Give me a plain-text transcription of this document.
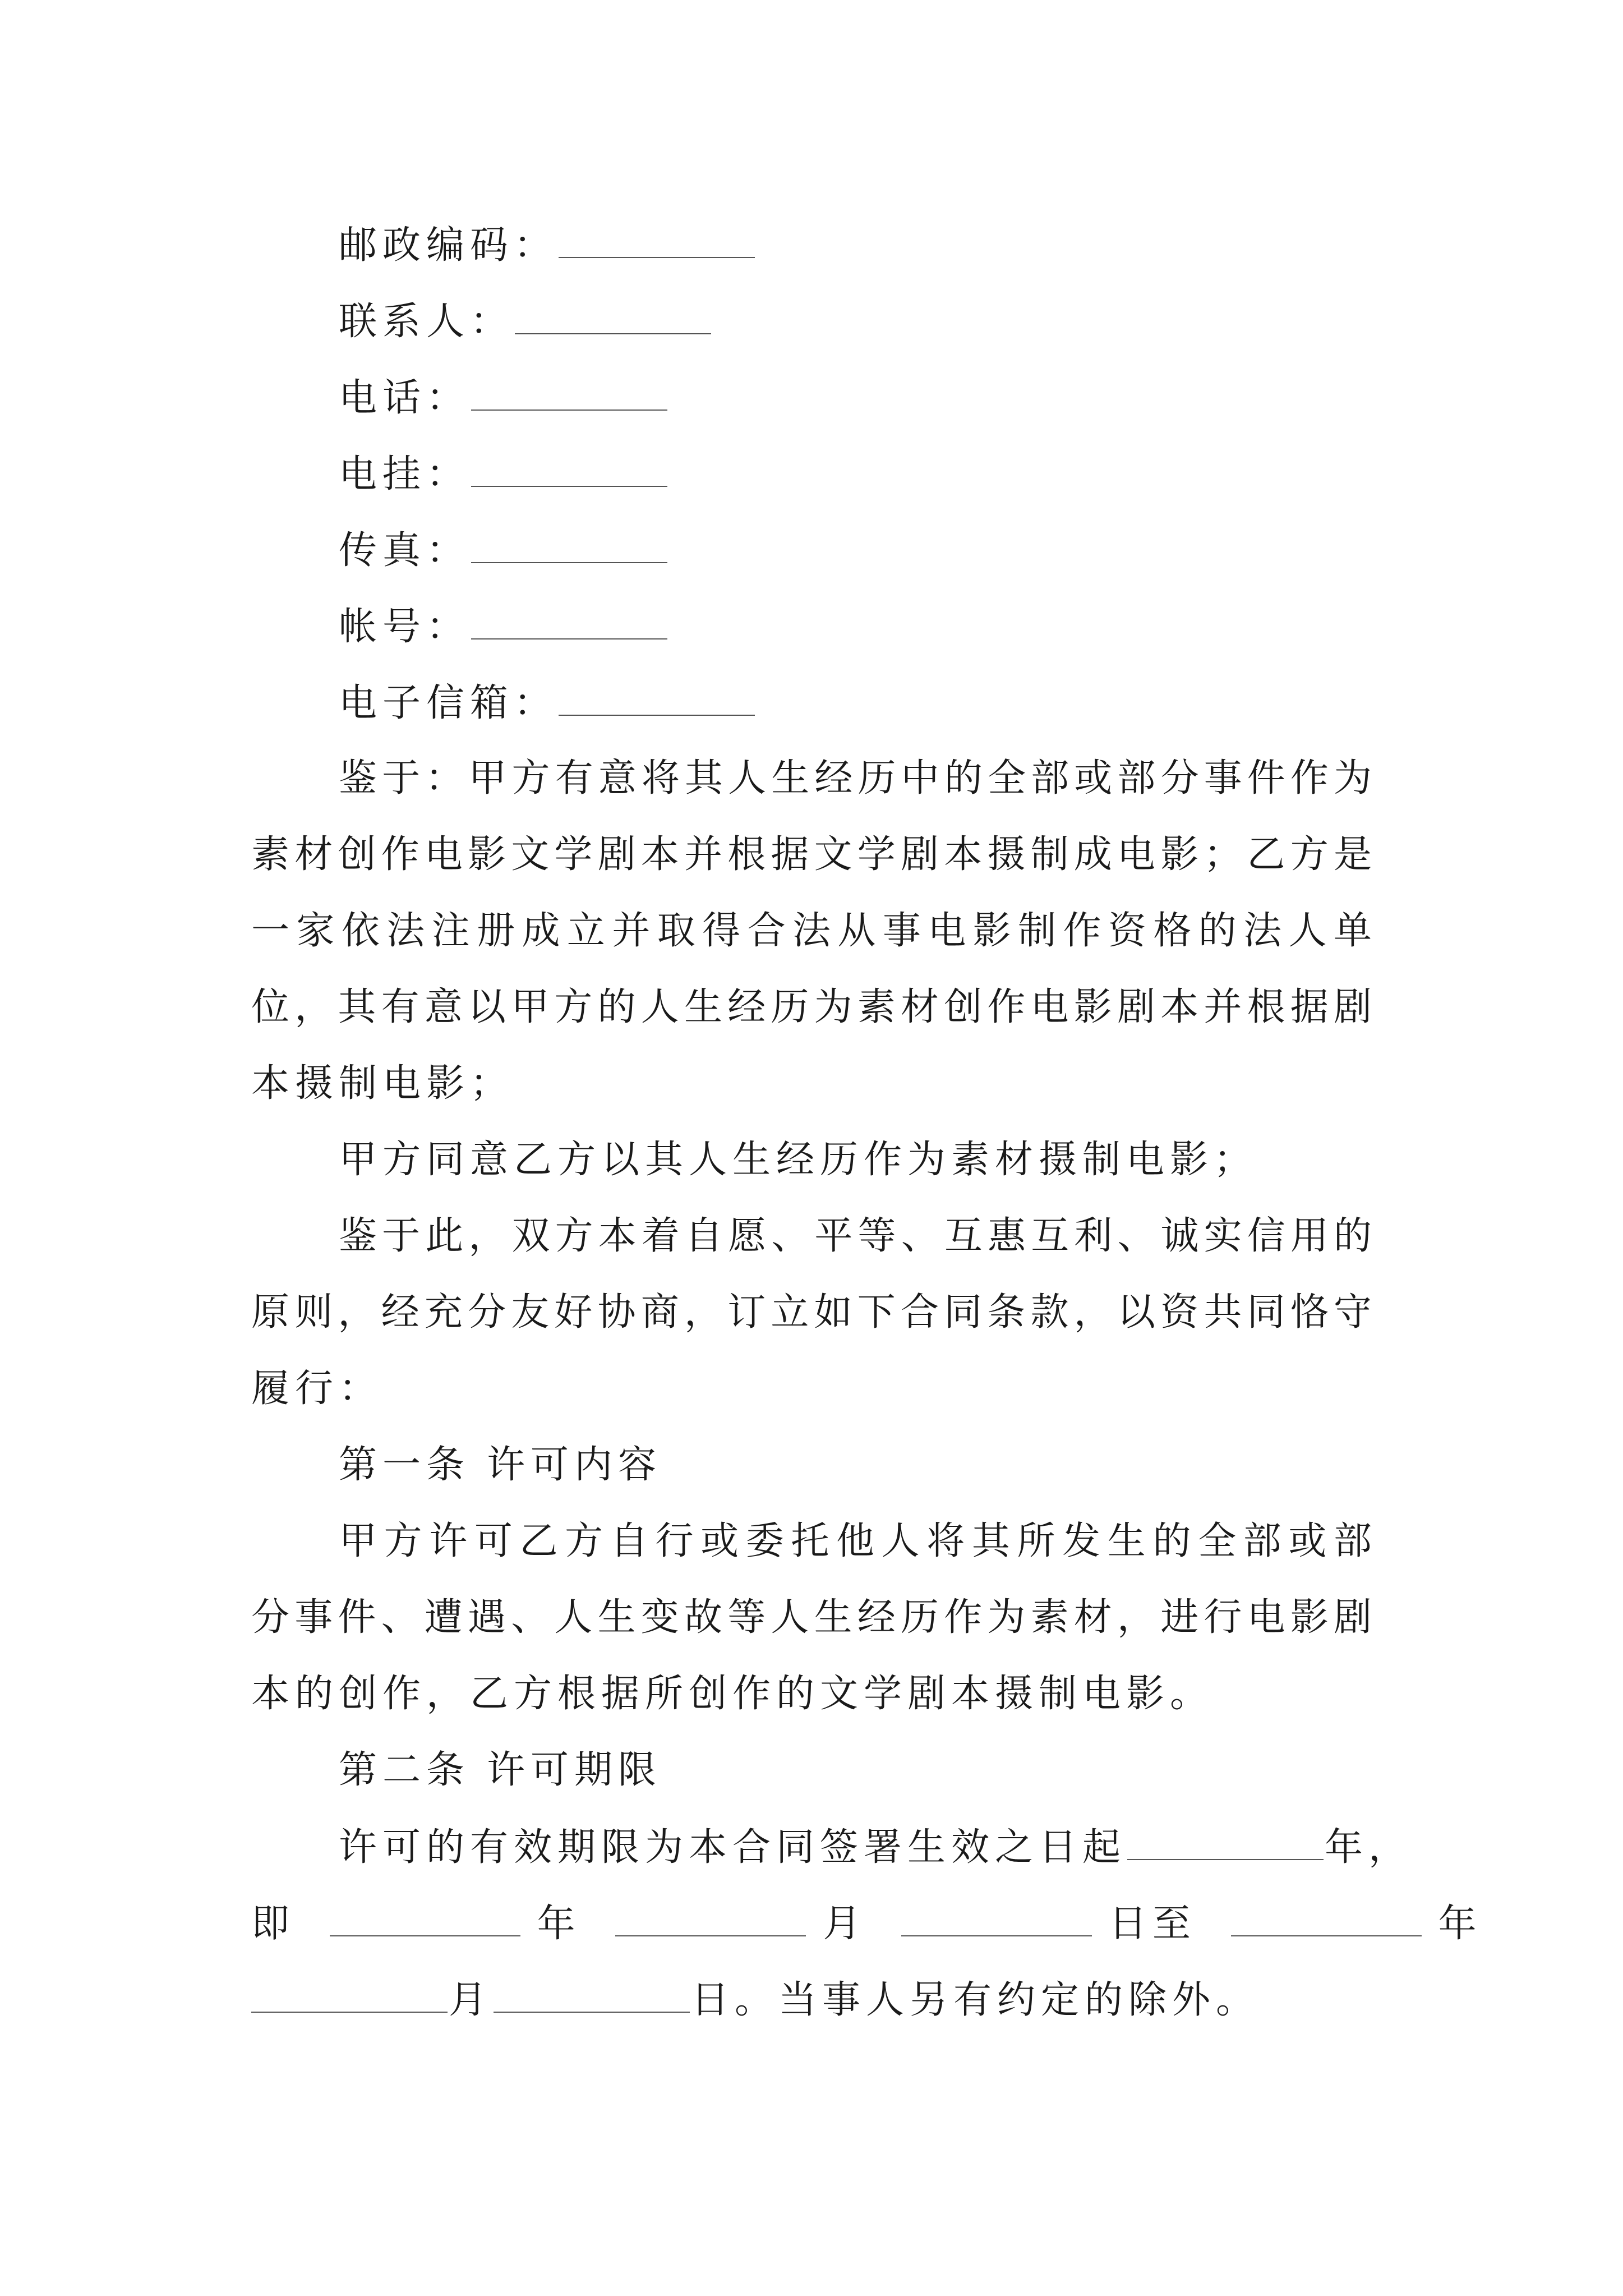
邮政编码：
联系人：
电话：
电挂：
传真：
帐号：
电子信箱：
鉴于：甲方有意将其人生经历中的全部或部分事件作为
素材创作电影文学剧本并根据文学剧本摄制成电影；乙方是
一家依法注册成立并取得合法从事电影制作资格的法人单
位，其有意以甲方的人生经历为素材创作电影剧本并根据剧
本摄制电影；
甲方同意乙方以其人生经历作为素材摄制电影；
鉴于此，双方本着自愿、平等、互惠互利、诚实信用的
原则，经充分友好协商，订立如下合同条款，以资共同恪守
履行：
第一条 许可内容
甲方许可乙方自行或委托他人将其所发生的全部或部
分事件、遭遇、人生变故等人生经历作为素材，进行电影剧
本的创作，乙方根据所创作的文学剧本摄制电影。
第二条 许可期限
许可的有效期限为本合同签署生效之日起	年，
即	年	月	日至	年
月	日。当事人另有约定的除外。
